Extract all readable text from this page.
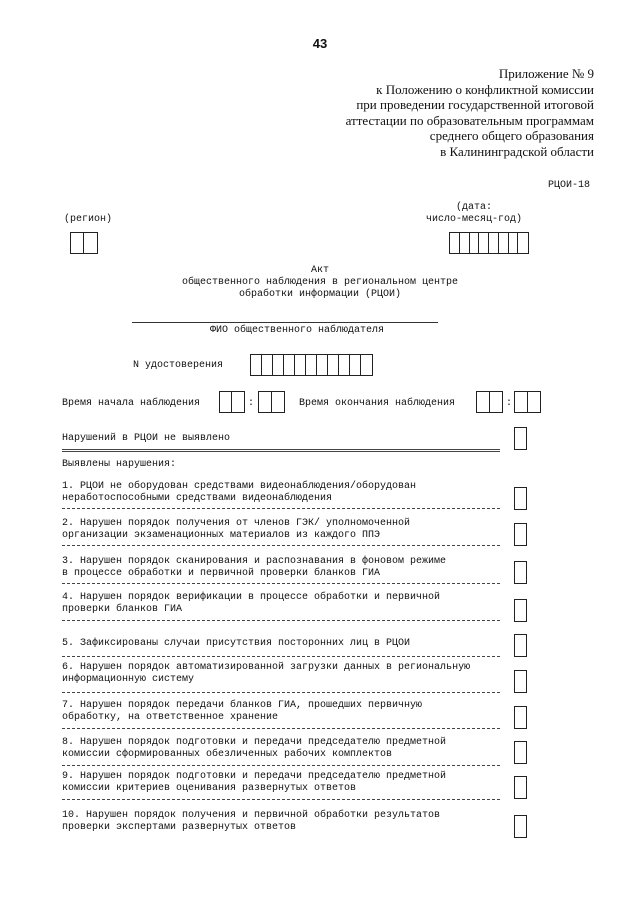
43
Приложение № 9
к Положению о конфликтной комиссии
при проведении государственной итоговой
аттестации по образовательным программам
среднего общего образования
в Калининградской области
РЦОИ-18
(дата:
(регион)	число-месяц-год)
Акт
общественного наблюдения в региональном центре
обработки информации (РЦОИ)
ФИО общественного наблюдателя
N удостоверения
Время начала наблюдения	:	Время окончания наблюдения	:
Нарушений в РЦОИ не выявлено
Выявлены нарушения:
1. РЦОИ не оборудован средствами видеонаблюдения/оборудован
неработоспособными средствами видеонаблюдения
2. Нарушен порядок получения от членов ГЭК/ уполномоченной
организации экзаменационных материалов из каждого ППЭ
3. Нарушен порядок сканирования и распознавания в фоновом режиме
в процессе обработки и первичной проверки бланков ГИА
4. Нарушен порядок верификации в процессе обработки и первичной
проверки бланков ГИА
5. Зафиксированы случаи присутствия посторонних лиц в РЦОИ
6. Нарушен порядок автоматизированной загрузки данных в региональную
информационную систему
7. Нарушен порядок передачи бланков ГИА, прошедших первичную
обработку, на ответственное хранение
8. Нарушен порядок подготовки и передачи председателю предметной
комиссии сформированных обезличенных рабочих комплектов
9. Нарушен порядок подготовки и передачи председателю предметной
комиссии критериев оценивания развернутых ответов
10. Нарушен порядок получения и первичной обработки результатов
проверки экспертами развернутых ответов
